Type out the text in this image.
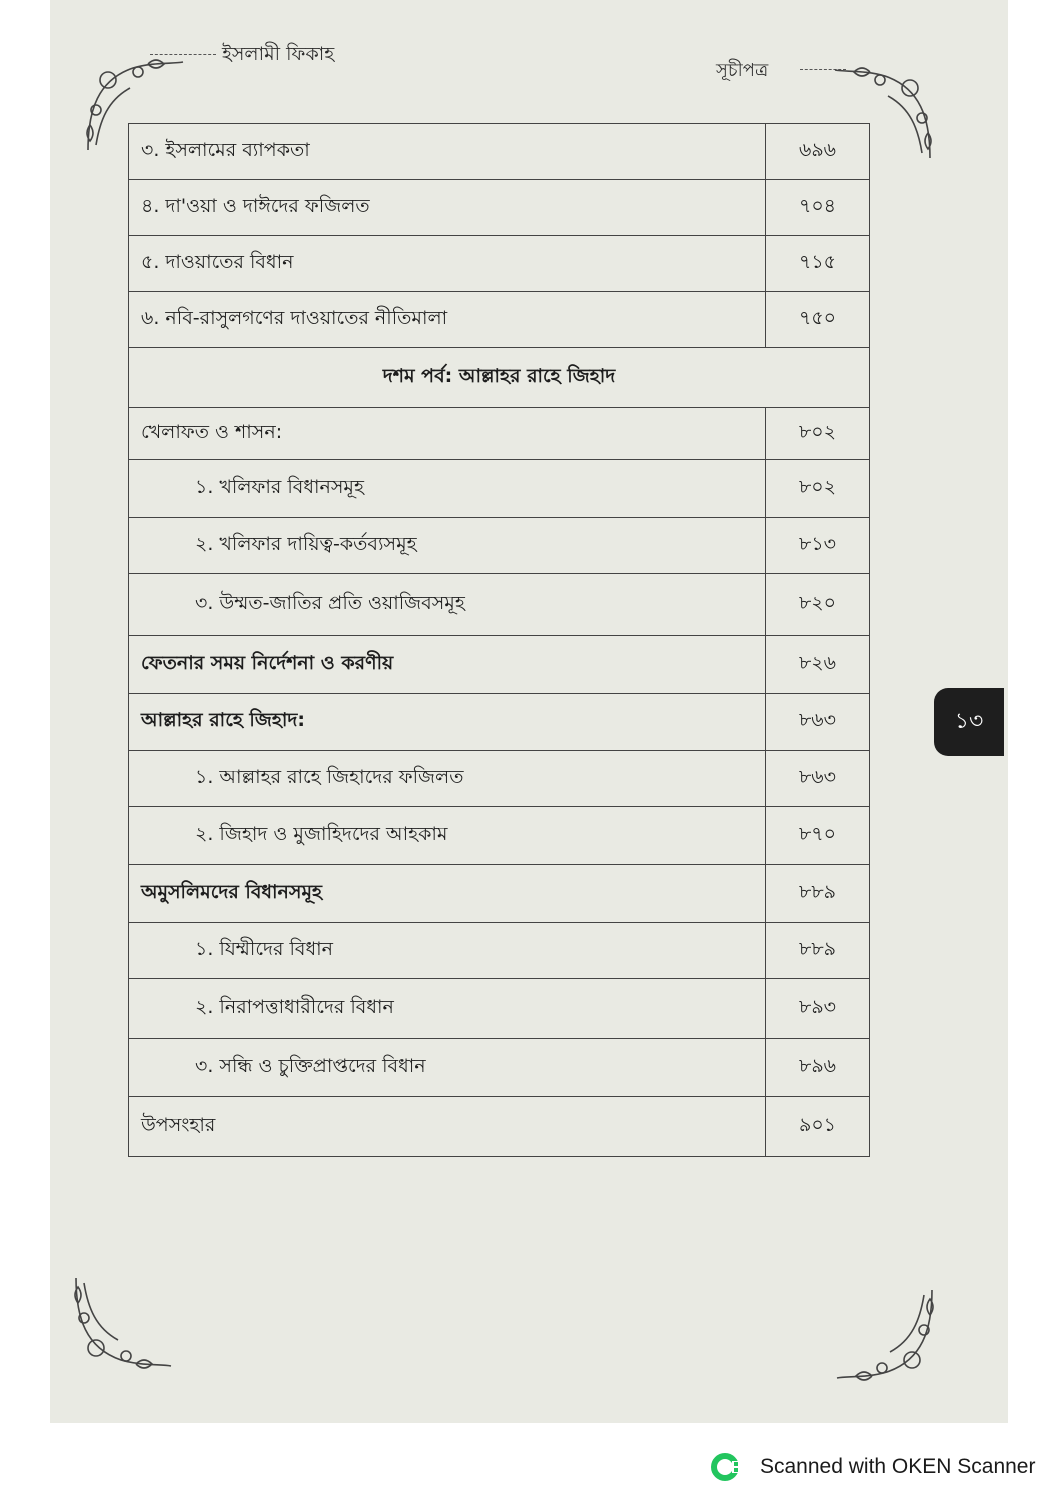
ইসলামী ফিকাহ
সূচীপত্র
৩. ইসলামের ব্যাপকতা	৬৯৬
৪. দা'ওয়া ও দাঈদের ফজিলত	৭০৪
৫. দাওয়াতের বিধান	৭১৫
৬. নবি-রাসুলগণের দাওয়াতের নীতিমালা	৭৫০
দশম পর্ব: আল্লাহর রাহে জিহাদ	
খেলাফত ও শাসন:	৮০২
১. খলিফার বিধানসমূহ	৮০২
২. খলিফার দায়িত্ব-কর্তব্যসমূহ	৮১৩
৩. উম্মত-জাতির প্রতি ওয়াজিবসমূহ	৮২০
ফেতনার সময় নির্দেশনা ও করণীয়	৮২৬
আল্লাহর রাহে জিহাদ:	৮৬৩
১. আল্লাহর রাহে জিহাদের ফজিলত	৮৬৩
২. জিহাদ ও মুজাহিদদের আহকাম	৮৭০
অমুসলিমদের বিধানসমূহ	৮৮৯
১. যিম্মীদের বিধান	৮৮৯
২. নিরাপত্তাধারীদের বিধান	৮৯৩
৩. সন্ধি ও চুক্তিপ্রাপ্তদের বিধান	৮৯৬
উপসংহার	৯০১
১৩
Scanned with OKEN Scanner
